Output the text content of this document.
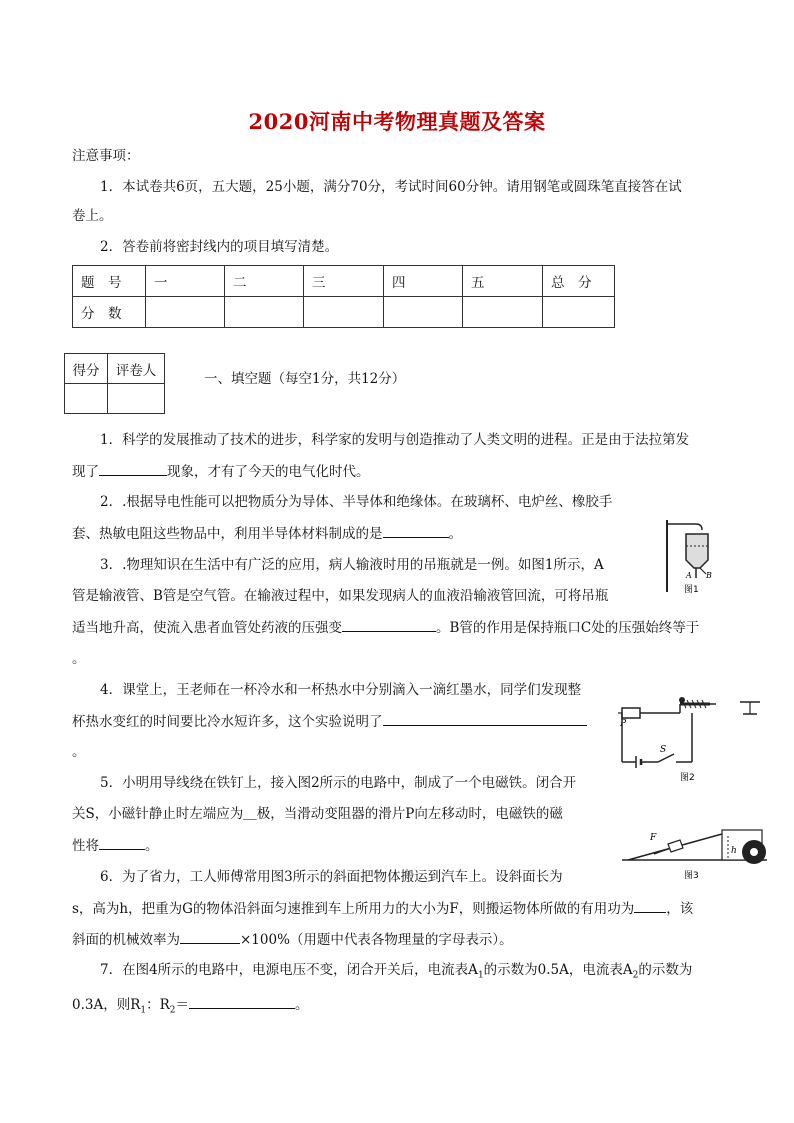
2020河南中考物理真题及答案
注意事项：
1．本试卷共6页，五大题，25小题，满分70分，考试时间60分钟。请用钢笔或圆珠笔直接答在试
卷上。
2．答卷前将密封线内的项目填写清楚。
题　号	一	二	三	四	五	总　分
分　数						
得分	评卷人

一、填空题（每空1分，共12分）
1．科学的发展推动了技术的进步，科学家的发明与创造推动了人类文明的进程。正是由于法拉第发
现了	现象，才有了今天的电气化时代。
2．.根据导电性能可以把物质分为导体、半导体和绝缘体。在玻璃杯、电炉丝、橡胶手
套、热敏电阻这些物品中，利用半导体材料制成的是	。
3．.物理知识在生活中有广泛的应用，病人输液时用的吊瓶就是一例。如图1所示，A
管是输液管、B管是空气管。在输液过程中，如果发现病人的血液沿输液管回流，可将吊瓶
适当地升高，使流入患者血管处药液的压强变	。B管的作用是保持瓶口C处的压强始终等于
。
4．课堂上，王老师在一杯冷水和一杯热水中分别滴入一滴红墨水，同学们发现整
杯热水变红的时间要比冷水短许多，这个实验说明了
。
5．小明用导线绕在铁钉上，接入图2所示的电路中，制成了一个电磁铁。闭合开
关S，小磁针静止时左端应为＿极，当滑动变阻器的滑片P向左移动时，电磁铁的磁
性将	。
6．为了省力，工人师傅常用图3所示的斜面把物体搬运到汽车上。设斜面长为
s，高为h，把重为G的物体沿斜面匀速推到车上所用力的大小为F，则搬运物体所做的有用功为 ，该
斜面的机械效率为	×100%（用题中代表各物理量的字母表示）。
7．在图4所示的电路中，电源电压不变，闭合开关后，电流表$A_1$的示数为0.5A，电流表$A_2$的示数为
0.3A，则$R_1$：$R_2=$	。
A B
图1
P
S
图2
F
h
图3
